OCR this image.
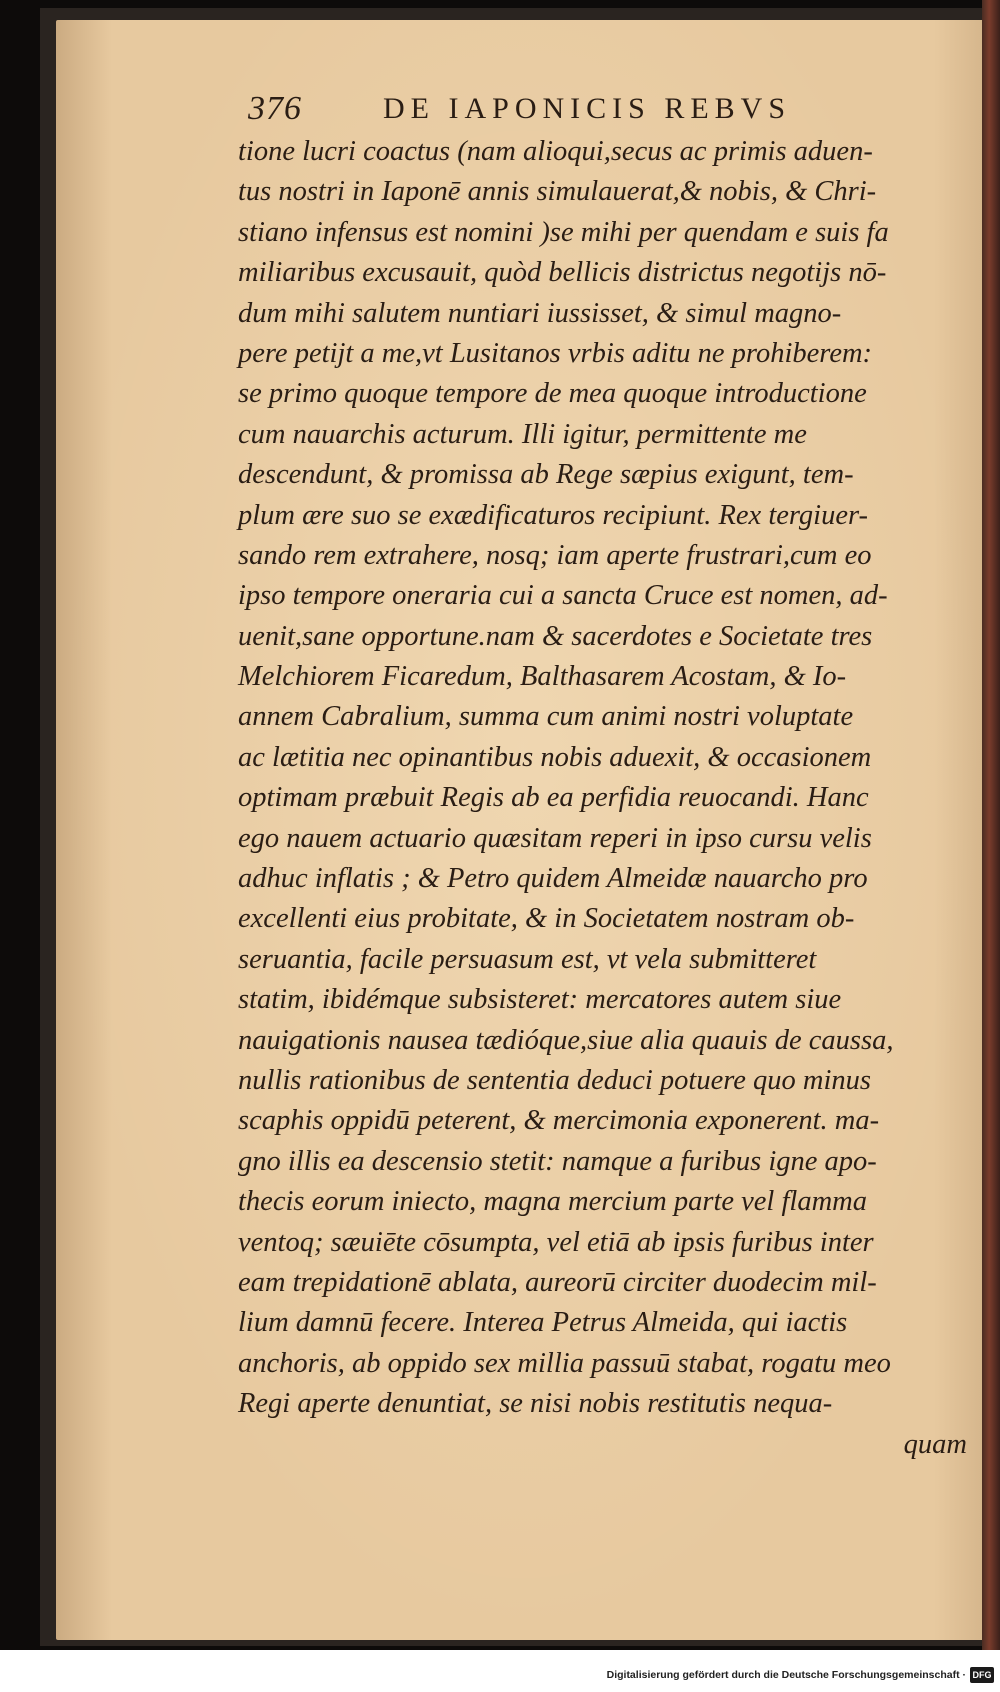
376	DE IAPONICIS REBVS
tione lucri coactus (nam alioqui,secus ac primis aduen-
tus nostri in Iaponē annis simulauerat,& nobis, & Chri-
stiano infensus est nomini )se mihi per quendam e suis fa
miliaribus excusauit, quòd bellicis districtus negotijs nō-
dum mihi salutem nuntiari iussisset, & simul magno-
pere petijt a me,vt Lusitanos vrbis aditu ne prohiberem:
se primo quoque tempore de mea quoque introductione
cum nauarchis acturum. Illi igitur, permittente me
descendunt, & promissa ab Rege sæpius exigunt, tem-
plum ære suo se exædificaturos recipiunt. Rex tergiuer-
sando rem extrahere, nosq; iam aperte frustrari,cum eo
ipso tempore oneraria cui a sancta Cruce est nomen, ad-
uenit,sane opportune.nam & sacerdotes e Societate tres
Melchiorem Ficaredum, Balthasarem Acostam, & Io-
annem Cabralium, summa cum animi nostri voluptate
ac lætitia nec opinantibus nobis aduexit, & occasionem
optimam præbuit Regis ab ea perfidia reuocandi. Hanc
ego nauem actuario quæsitam reperi in ipso cursu velis
adhuc inflatis ; & Petro quidem Almeidæ nauarcho pro
excellenti eius probitate, & in Societatem nostram ob-
seruantia, facile persuasum est, vt vela submitteret
statim, ibidémque subsisteret: mercatores autem siue
nauigationis nausea tædióque,siue alia quauis de caussa,
nullis rationibus de sententia deduci potuere quo minus
scaphis oppidū peterent, & mercimonia exponerent. ma-
gno illis ea descensio stetit: namque a furibus igne apo-
thecis eorum iniecto, magna mercium parte vel flamma
ventoq; sæuiēte cōsumpta, vel etiā ab ipsis furibus inter
eam trepidationē ablata, aureorū circiter duodecim mil-
lium damnū fecere. Interea Petrus Almeida, qui iactis
anchoris, ab oppido sex millia passuū stabat, rogatu meo
Regi aperte denuntiat, se nisi nobis restitutis nequa-
quam
Digitalisierung gefördert durch die Deutsche Forschungsgemeinschaft · DFG
